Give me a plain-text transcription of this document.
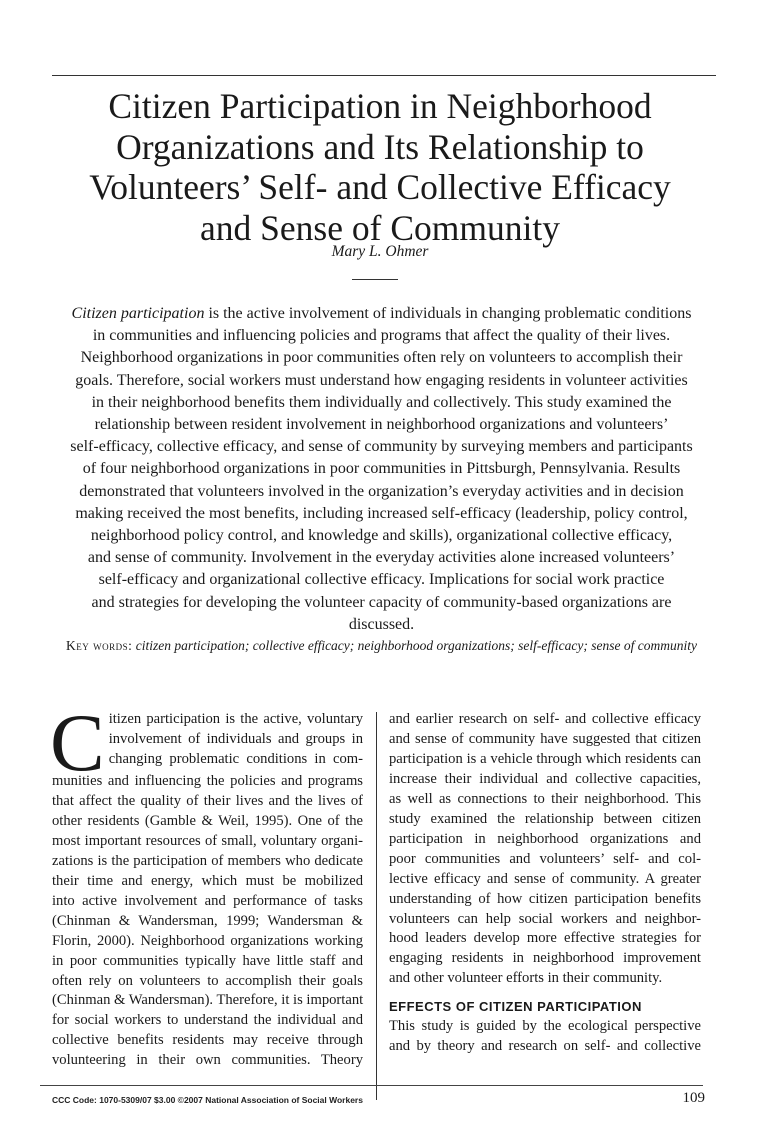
Citizen Participation in Neighborhood
Organizations and Its Relationship to
Volunteers’ Self- and Collective Efficacy
and Sense of Community
Mary L. Ohmer
Citizen participation is the active involvement of individuals in changing problematic conditions
in communities and influencing policies and programs that affect the quality of their lives.
Neighborhood organizations in poor communities often rely on volunteers to accomplish their
goals. Therefore, social workers must understand how engaging residents in volunteer activities
in their neighborhood benefits them individually and collectively. This study examined the
relationship between resident involvement in neighborhood organizations and volunteers’
self-efficacy, collective efficacy, and sense of community by surveying members and participants
of four neighborhood organizations in poor communities in Pittsburgh, Pennsylvania. Results
demonstrated that volunteers involved in the organization’s everyday activities and in decision
making received the most benefits, including increased self-efficacy (leadership, policy control,
neighborhood policy control, and knowledge and skills), organizational collective efficacy,
and sense of community. Involvement in the everyday activities alone increased volunteers’
self-efficacy and organizational collective efficacy. Implications for social work practice
and strategies for developing the volunteer capacity of community-based organizations are
discussed.
Key words: citizen participation; collective efficacy; neighborhood organizations; self-efficacy; sense of community
C itizen participation is the active, voluntary
involvement of individuals and groups in
changing problematic conditions in com-
munities and influencing the policies and programs
that affect the quality of their lives and the lives of
other residents (Gamble & Weil, 1995). One of the
most important resources of small, voluntary organi-
zations is the participation of members who dedicate
their time and energy, which must be mobilized
into active involvement and performance of tasks
(Chinman & Wandersman, 1999; Wandersman &
Florin, 2000). Neighborhood organizations working
in poor communities typically have little staff and
often rely on volunteers to accomplish their goals
(Chinman & Wandersman). Therefore, it is important
for social workers to understand the individual and
collective benefits residents may receive through
volunteering in their own communities. Theory
and earlier research on self- and collective efficacy
and sense of community have suggested that citizen
participation is a vehicle through which residents can
increase their individual and collective capacities,
as well as connections to their neighborhood. This
study examined the relationship between citizen
participation in neighborhood organizations and
poor communities and volunteers’ self- and col-
lective efficacy and sense of community. A greater
understanding of how citizen participation benefits
volunteers can help social workers and neighbor-
hood leaders develop more effective strategies for
engaging residents in neighborhood improvement
and other volunteer efforts in their community.
EFFECTS OF CITIZEN PARTICIPATION
This study is guided by the ecological perspective
and by theory and research on self- and collective
CCC Code: 1070-5309/07 $3.00 ©2007 National Association of Social Workers	109
